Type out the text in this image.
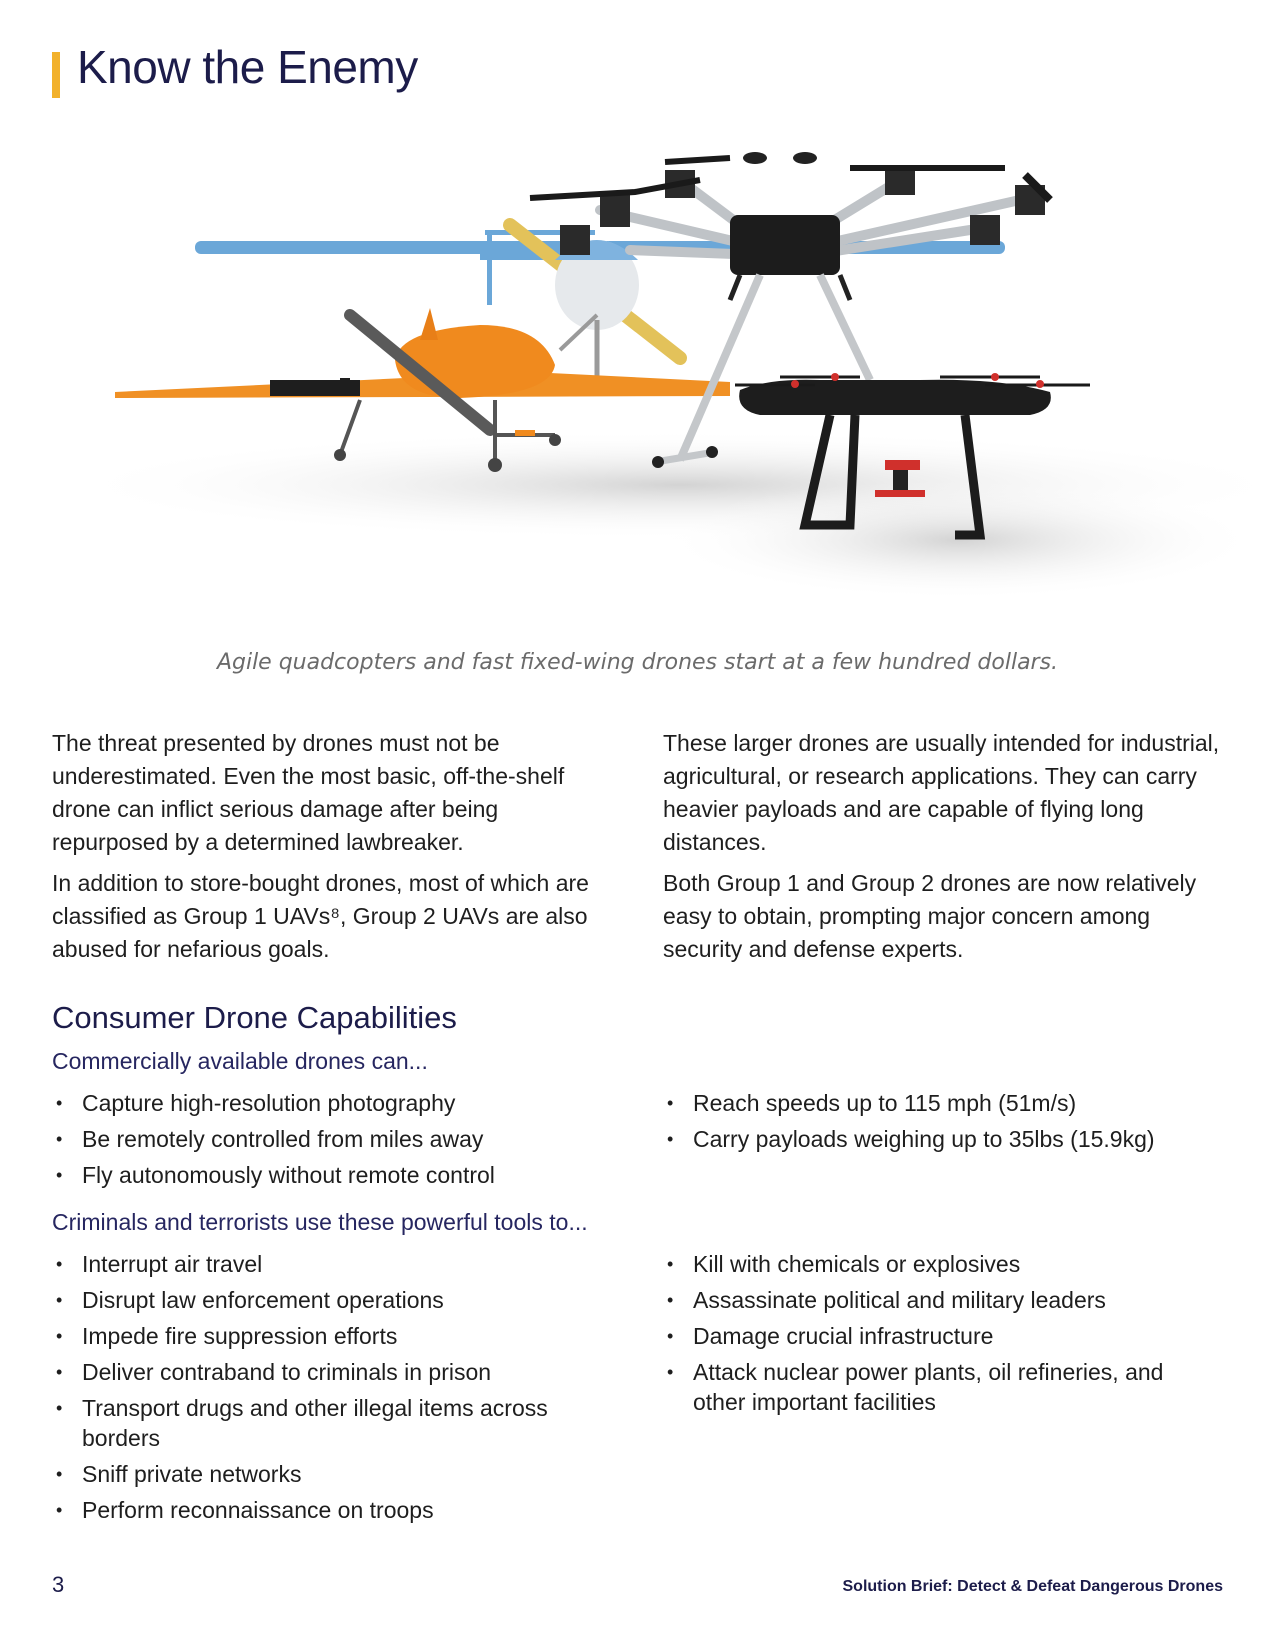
Know the Enemy
Agile quadcopters and fast fixed-wing drones start at a few hundred dollars.

The threat presented by drones must not be underestimated. Even the most basic, off-the-shelf drone can inflict serious damage after being repurposed by a determined lawbreaker.

In addition to store-bought drones, most of which are classified as Group 1 UAVs⁸, Group 2 UAVs are also abused for nefarious goals.

These larger drones are usually intended for industrial, agricultural, or research applications. They can carry heavier payloads and are capable of flying long distances.

Both Group 1 and Group 2 drones are now relatively easy to obtain, prompting major concern among security and defense experts.

Consumer Drone Capabilities
Commercially available drones can...
• Capture high-resolution photography
• Be remotely controlled from miles away
• Fly autonomously without remote control
• Reach speeds up to 115 mph (51m/s)
• Carry payloads weighing up to 35lbs (15.9kg)
Criminals and terrorists use these powerful tools to...
• Interrupt air travel
• Disrupt law enforcement operations
• Impede fire suppression efforts
• Deliver contraband to criminals in prison
• Transport drugs and other illegal items across borders
• Sniff private networks
• Perform reconnaissance on troops
• Kill with chemicals or explosives
• Assassinate political and military leaders
• Damage crucial infrastructure
• Attack nuclear power plants, oil refineries, and other important facilities
3	Solution Brief: Detect & Defeat Dangerous Drones
